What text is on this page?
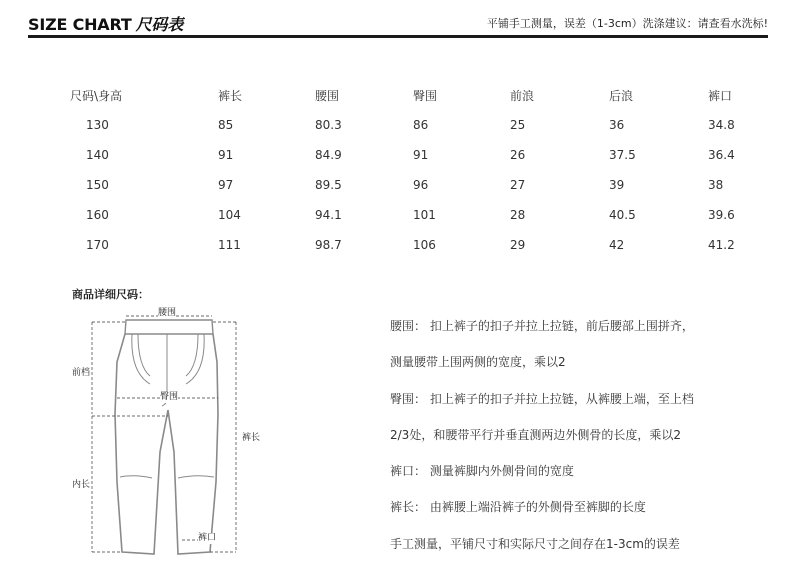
SIZE CHART 尺码表	平铺手工测量，误差（1-3cm）洗涤建议：请查看水洗标!
尺码\身高	裤长	腰围	臀围	前浪	后浪	裤口
130	85	80.3	86	25	36	34.8
140	91	84.9	91	26	37.5	36.4
150	97	89.5	96	27	39	38
160	104	94.1	101	28	40.5	39.6
170	111	98.7	106	29	42	41.2
商品详细尺码：
腰围
前档
臀围
裤长
内长
裤口
腰围： 扣上裤子的扣子并拉上拉链，前后腰部上围拼齐，
测量腰带上围两侧的宽度，乘以2
臀围： 扣上裤子的扣子并拉上拉链，从裤腰上端，至上档
2/3处，和腰带平行并垂直测两边外侧骨的长度，乘以2
裤口： 测量裤脚内外侧骨间的宽度
裤长： 由裤腰上端沿裤子的外侧骨至裤脚的长度
手工测量，平铺尺寸和实际尺寸之间存在1-3cm的误差
